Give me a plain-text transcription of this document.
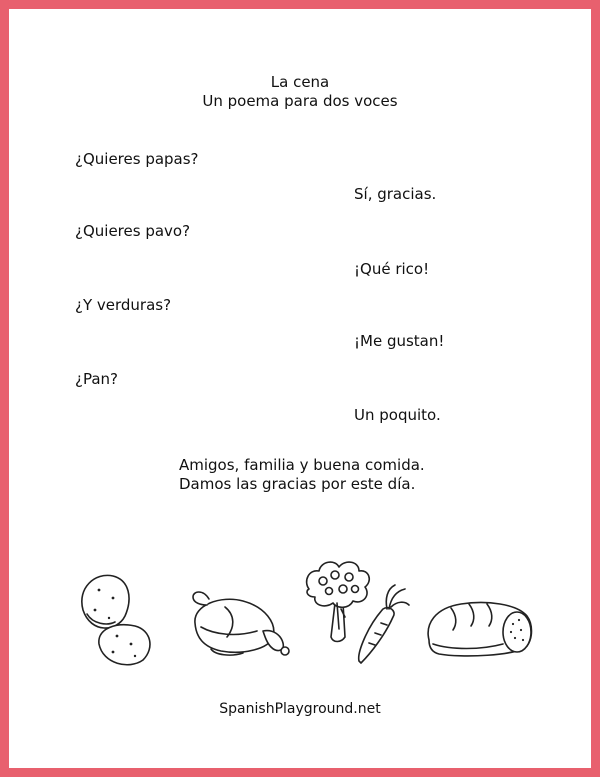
La cena
Un poema para dos voces
¿Quieres papas?
Sí, gracias.
¿Quieres pavo?
¡Qué rico!
¿Y verduras?
¡Me gustan!
¿Pan?
Un poquito.
Amigos, familia y buena comida.
Damos las gracias por este día.
SpanishPlayground.net
